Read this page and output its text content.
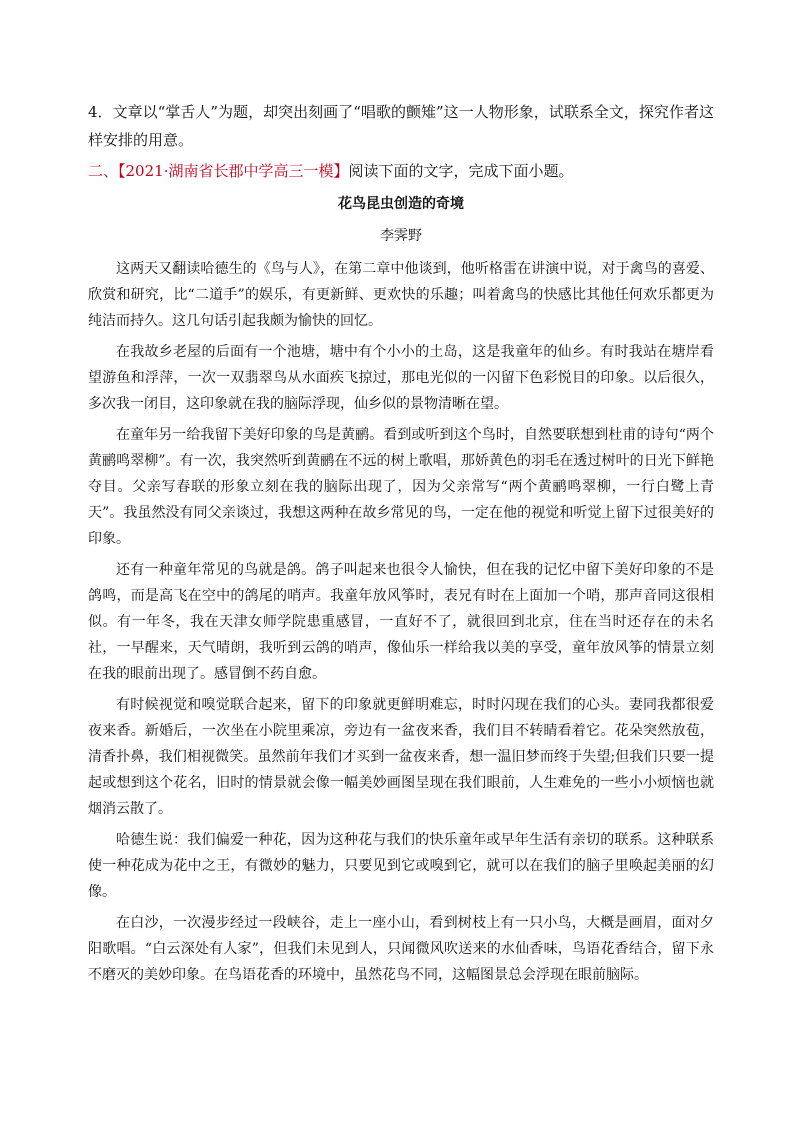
4．文章以“掌舌人”为题，却突出刻画了“唱歌的颤雉”这一人物形象，试联系全文，探究作者这样安排的用意。

二、【2021·湖南省长郡中学高三一模】阅读下面的文字，完成下面小题。

花鸟昆虫创造的奇境
李霁野

这两天又翻读哈德生的《鸟与人》，在第二章中他谈到，他听格雷在讲演中说，对于禽鸟的喜爱、欣赏和研究，比“二道手”的娱乐，有更新鲜、更欢快的乐趣；叫着禽鸟的快感比其他任何欢乐都更为纯洁而持久。这几句话引起我颇为愉快的回忆。

在我故乡老屋的后面有一个池塘，塘中有个小小的土岛，这是我童年的仙乡。有时我站在塘岸看望游鱼和浮萍，一次一双翡翠鸟从水面疾飞掠过，那电光似的一闪留下色彩悦目的印象。以后很久，多次我一闭目，这印象就在我的脑际浮现，仙乡似的景物清晰在望。

在童年另一给我留下美好印象的鸟是黄鹂。看到或听到这个鸟时，自然要联想到杜甫的诗句“两个黄鹂鸣翠柳”。有一次，我突然听到黄鹂在不远的树上歌唱，那娇黄色的羽毛在透过树叶的日光下鲜艳夺目。父亲写春联的形象立刻在我的脑际出现了，因为父亲常写“两个黄鹂鸣翠柳，一行白鹭上青天”。我虽然没有同父亲谈过，我想这两种在故乡常见的鸟，一定在他的视觉和听觉上留下过很美好的印象。

还有一种童年常见的鸟就是鸽。鸽子叫起来也很令人愉快，但在我的记忆中留下美好印象的不是鸽鸣，而是高飞在空中的鸽尾的哨声。我童年放风筝时，表兄有时在上面加一个哨，那声音同这很相似。有一年冬，我在天津女师学院患重感冒，一直好不了，就很回到北京，住在当时还存在的未名社，一早醒来，天气晴朗，我听到云鸽的哨声，像仙乐一样给我以美的享受，童年放风筝的情景立刻在我的眼前出现了。感冒倒不药自愈。

有时候视觉和嗅觉联合起来，留下的印象就更鲜明难忘，时时闪现在我们的心头。妻同我都很爱夜来香。新婚后，一次坐在小院里乘凉，旁边有一盆夜来香，我们目不转睛看着它。花朵突然放苞，清香扑鼻，我们相视微笑。虽然前年我们才买到一盆夜来香，想一温旧梦而终于失望;但我们只要一提起或想到这个花名，旧时的情景就会像一幅美妙画图呈现在我们眼前，人生难免的一些小小烦恼也就烟消云散了。

哈德生说：我们偏爱一种花，因为这种花与我们的快乐童年或早年生活有亲切的联系。这种联系使一种花成为花中之王，有微妙的魅力，只要见到它或嗅到它，就可以在我们的脑子里唤起美丽的幻像。

在白沙，一次漫步经过一段峡谷，走上一座小山，看到树枝上有一只小鸟，大概是画眉，面对夕阳歌唱。“白云深处有人家”，但我们未见到人，只闻微风吹送来的水仙香味，鸟语花香结合，留下永不磨灭的美妙印象。在鸟语花香的环境中，虽然花鸟不同，这幅图景总会浮现在眼前脑际。
